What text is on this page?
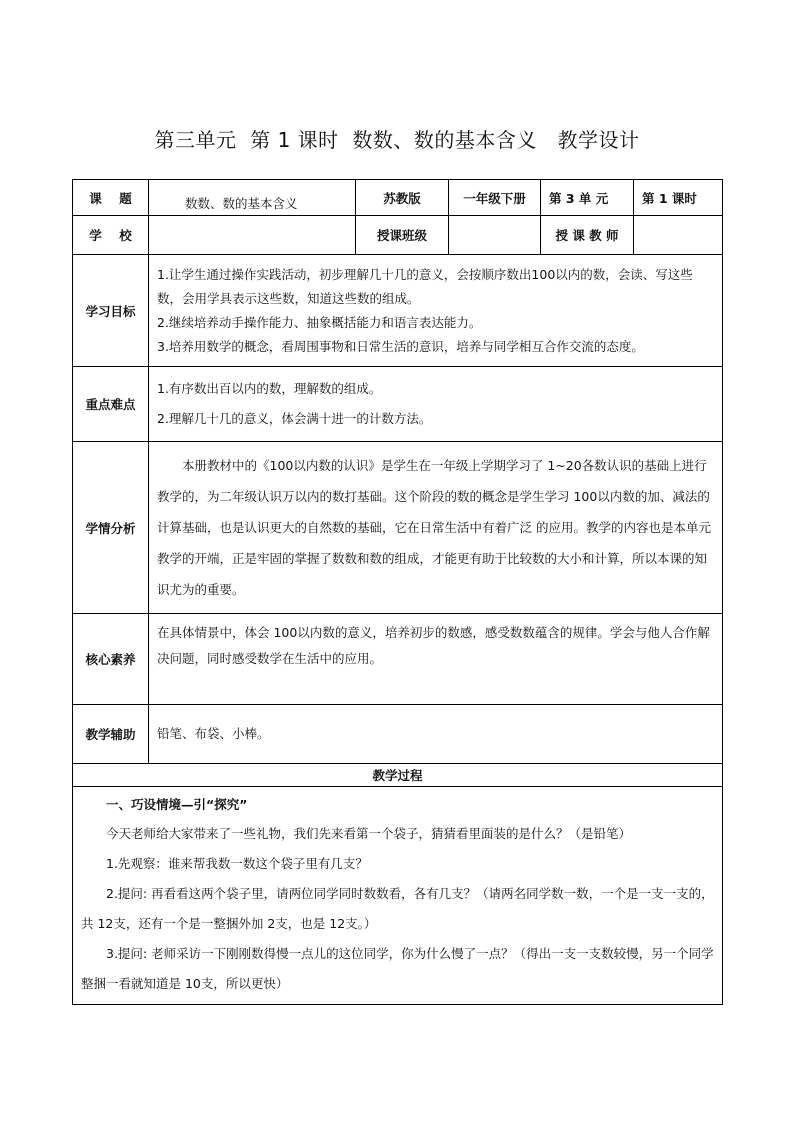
第三单元  第 1 课时  数数、数的基本含义   教学设计
课    题	数数、数的基本含义	苏教版	一年级下册	第 3 单 元	第 1 课时
学    校		授课班级		授 课 教 师	
学习目标	1.让学生通过操作实践活动，初步理解几十几的意义，会按顺序数出100以内的数，会读、写这些数，会用学具表示这些数，知道这些数的组成。

2.继续培养动手操作能力、抽象概括能力和语言表达能力。

3.培养用数学的概念，看周围事物和日常生活的意识，培养与同学相互合作交流的态度。				

重点难点	1.有序数出百以内的数，理解数的组成。

2.理解几十几的意义，体会满十进一的计数方法。				

学情分析	本册教材中的《100以内数的认识》是学生在一年级上学期学习了 1~20各数认识的基础上进行教学的，为二年级认识万以内的数打基础。这个阶段的数的概念是学生学习 100以内数的加、减法的计算基础，也是认识更大的自然数的基础，它在日常生活中有着广泛 的应用。教学的内容也是本单元教学的开端，正是牢固的掌握了数数和数的组成，才能更有助于比较数的大小和计算，所以本课的知识尤为的重要。				

核心素养	在具体情景中，体会 100以内数的意义，培养初步的数感，感受数数蕴含的规律。学会与他人合作解决问题，同时感受数学在生活中的应用。				

教学辅助	铅笔、布袋、小棒。				
教学过程					

一、巧设情境—引“探究”

今天老师给大家带来了一些礼物，我们先来看第一个袋子，猜猜看里面装的是什么？（是铅笔）

1.先观察：谁来帮我数一数这个袋子里有几支？

2.提问: 再看看这两个袋子里，请两位同学同时数数看，各有几支？（请两名同学数一数，一个是一支一支的，共 12支，还有一个是一整捆外加 2支，也是 12支。）

3.提问: 老师采访一下刚刚数得慢一点儿的这位同学，你为什么慢了一点？（得出一支一支数较慢，另一个同学整捆一看就知道是 10支，所以更快）					
